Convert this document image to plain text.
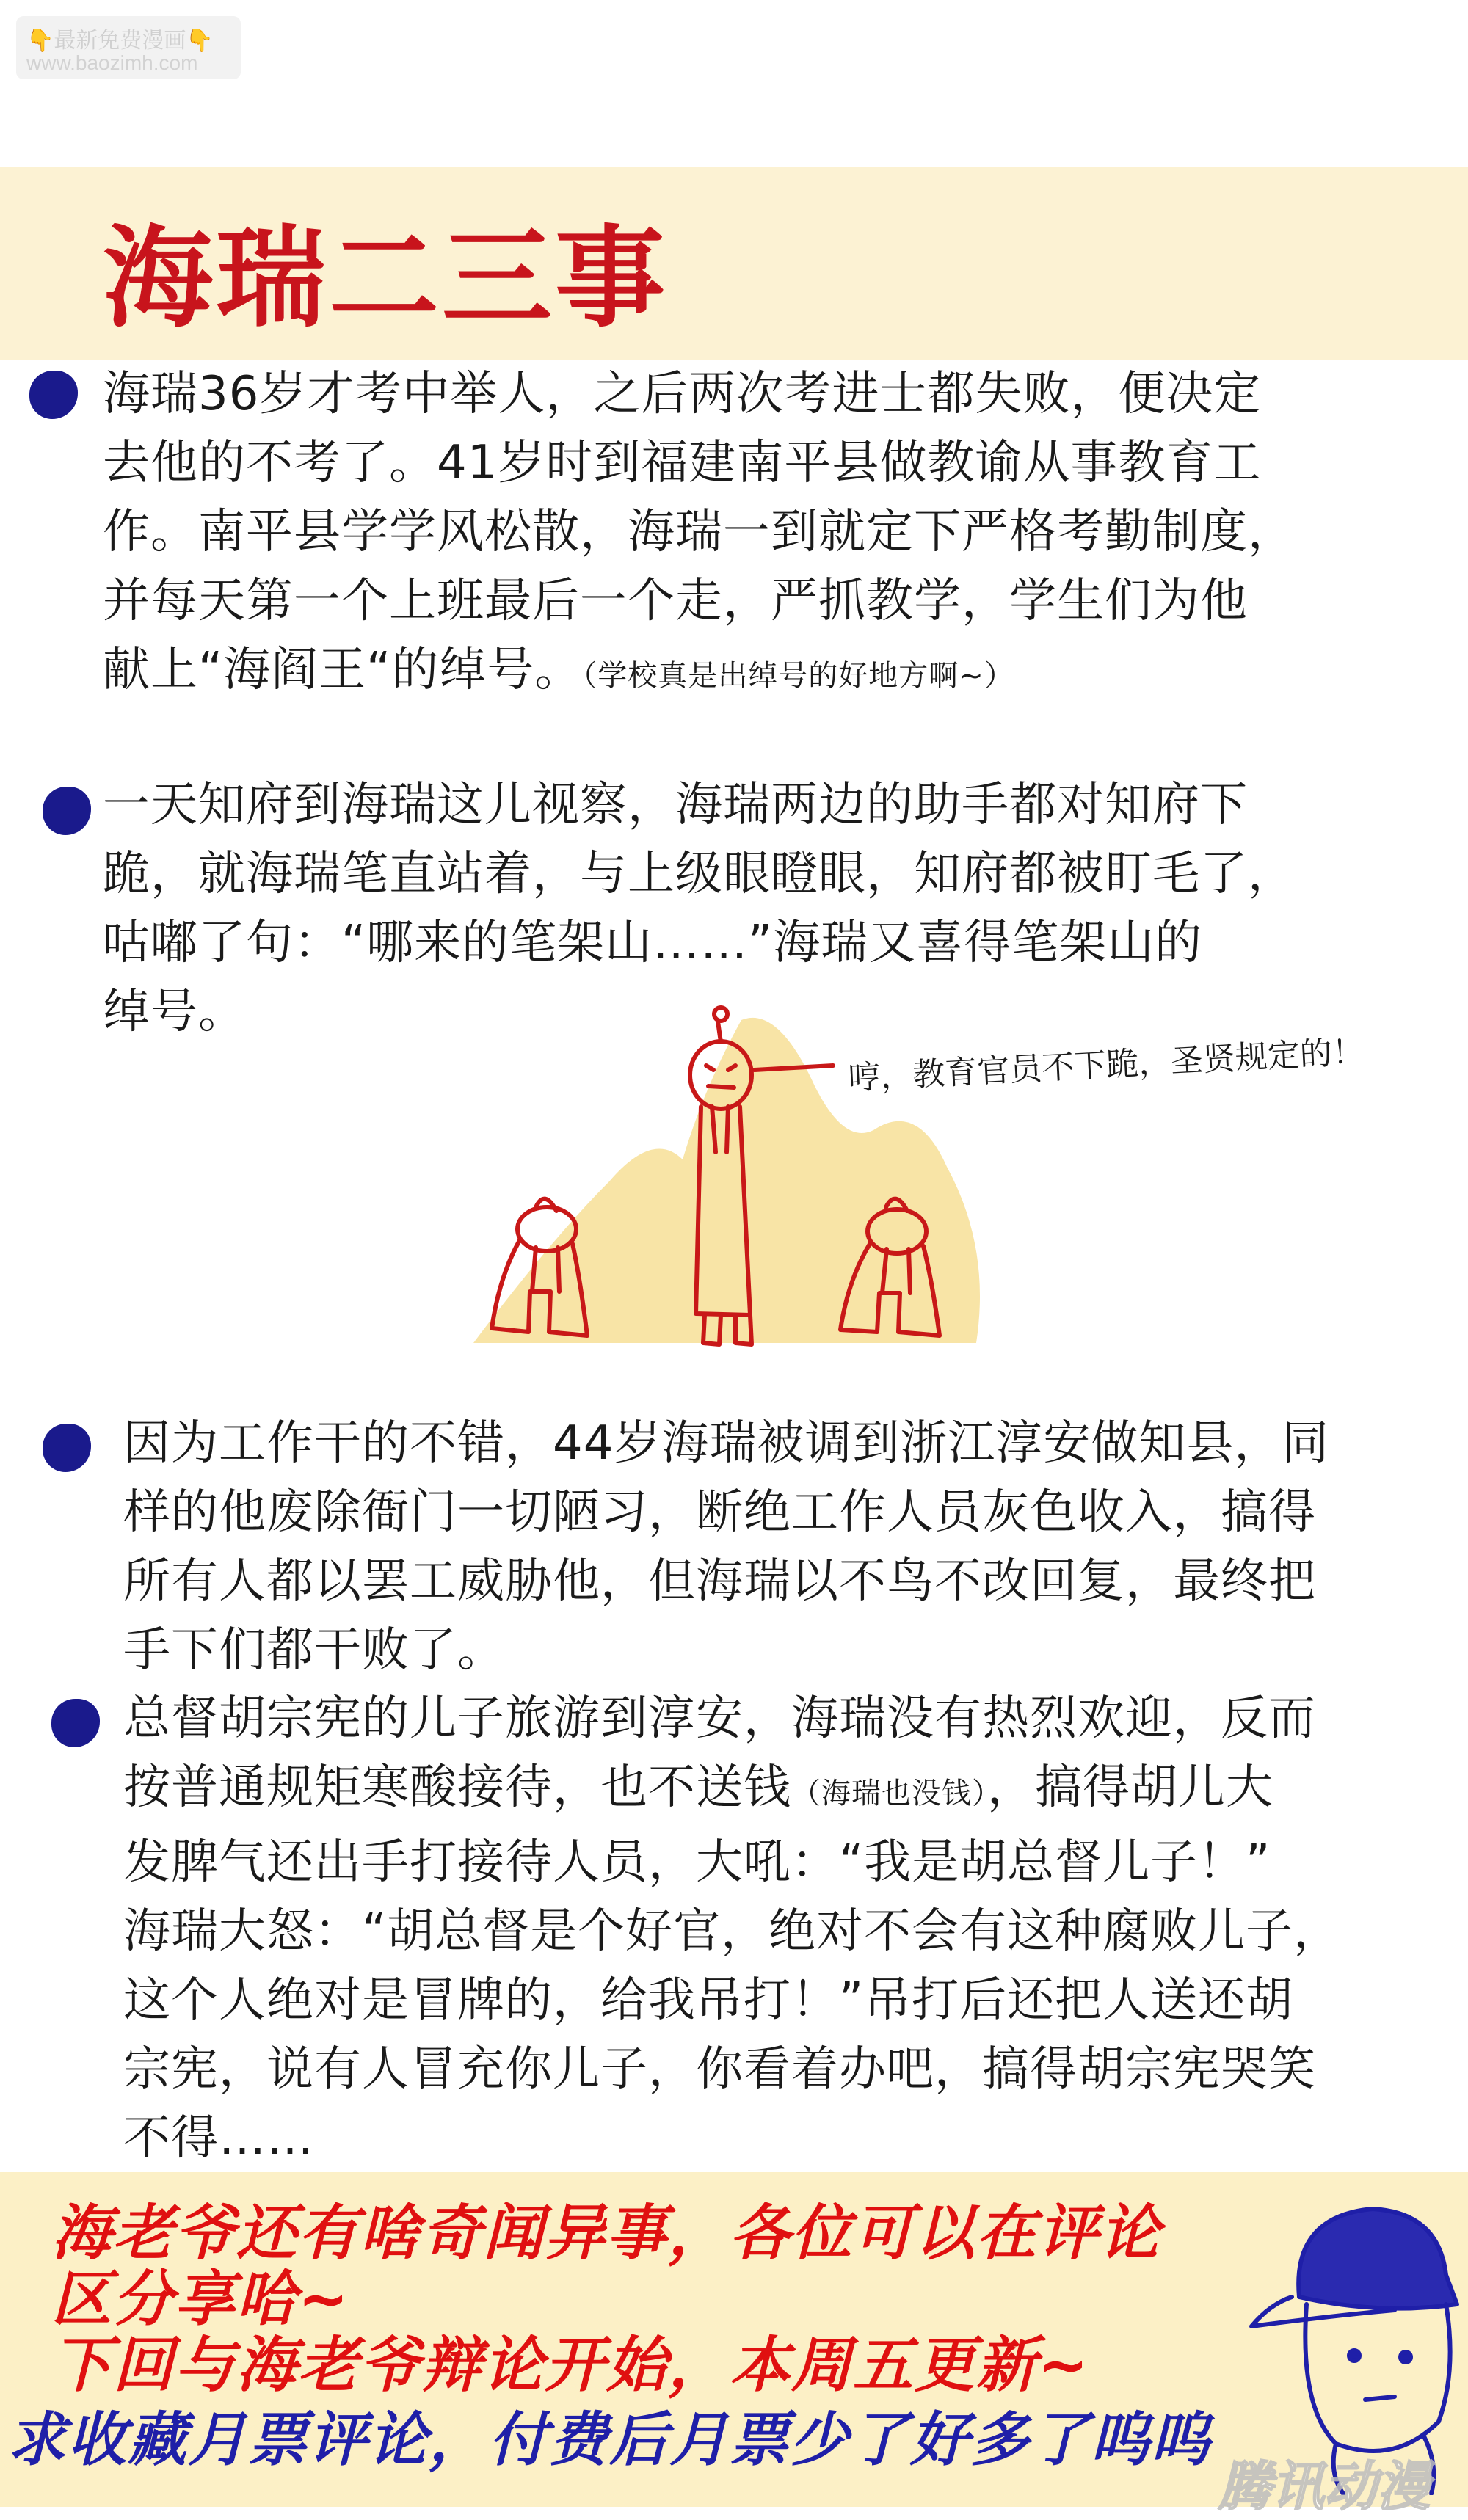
👇最新免费漫画👇
www.baozimh.com
海瑞二三事
海瑞36岁才考中举人，之后两次考进士都失败，便决定
去他的不考了。41岁时到福建南平县做教谕从事教育工
作。南平县学学风松散，海瑞一到就定下严格考勤制度，
并每天第一个上班最后一个走，严抓教学，学生们为他
献上“海阎王“的绰号。（学校真是出绰号的好地方啊~）
一天知府到海瑞这儿视察，海瑞两边的助手都对知府下
跪，就海瑞笔直站着，与上级眼瞪眼，知府都被盯毛了，
咕嘟了句：“哪来的笔架山……”海瑞又喜得笔架山的
绰号。
哼，教育官员不下跪，圣贤规定的！
因为工作干的不错，44岁海瑞被调到浙江淳安做知县，同
样的他废除衙门一切陋习，断绝工作人员灰色收入，搞得
所有人都以罢工威胁他，但海瑞以不鸟不改回复，最终把
手下们都干败了。
总督胡宗宪的儿子旅游到淳安，海瑞没有热烈欢迎，反而
按普通规矩寒酸接待，也不送钱（海瑞也没钱），搞得胡儿大
发脾气还出手打接待人员，大吼：“我是胡总督儿子！”
海瑞大怒：“胡总督是个好官，绝对不会有这种腐败儿子，
这个人绝对是冒牌的，给我吊打！”吊打后还把人送还胡
宗宪，说有人冒充你儿子，你看着办吧，搞得胡宗宪哭笑
不得……
海老爷还有啥奇闻异事，各位可以在评论
区分享哈~
下回与海老爷辩论开始，本周五更新~
求收藏月票评论，付费后月票少了好多了呜呜
腾讯动漫
